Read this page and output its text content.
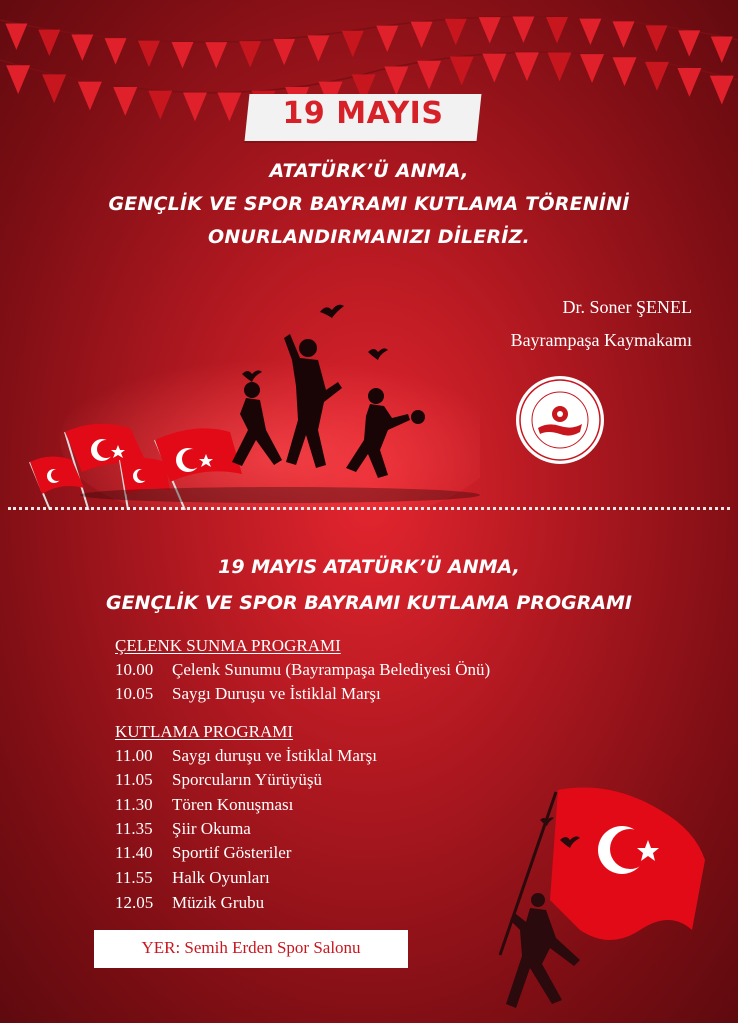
19 MAYIS
ATATÜRK’Ü ANMA,
GENÇLİK VE SPOR BAYRAMI KUTLAMA TÖRENİNİ
ONURLANDIRMANIZI DİLERİZ.
Dr. Soner ŞENEL
Bayrampaşa Kaymakamı
19 MAYIS ATATÜRK’Ü ANMA,
GENÇLİK VE SPOR BAYRAMI KUTLAMA PROGRAMI
ÇELENK SUNMA PROGRAMI
10.00 Çelenk Sunumu (Bayrampaşa Belediyesi Önü)
10.05 Saygı Duruşu ve İstiklal Marşı
KUTLAMA PROGRAMI
11.00 Saygı duruşu ve İstiklal Marşı
11.05 Sporcuların Yürüyüşü
11.30 Tören Konuşması
11.35 Şiir Okuma
11.40 Sportif Gösteriler
11.55 Halk Oyunları
12.05 Müzik Grubu
YER: Semih Erden Spor Salonu
